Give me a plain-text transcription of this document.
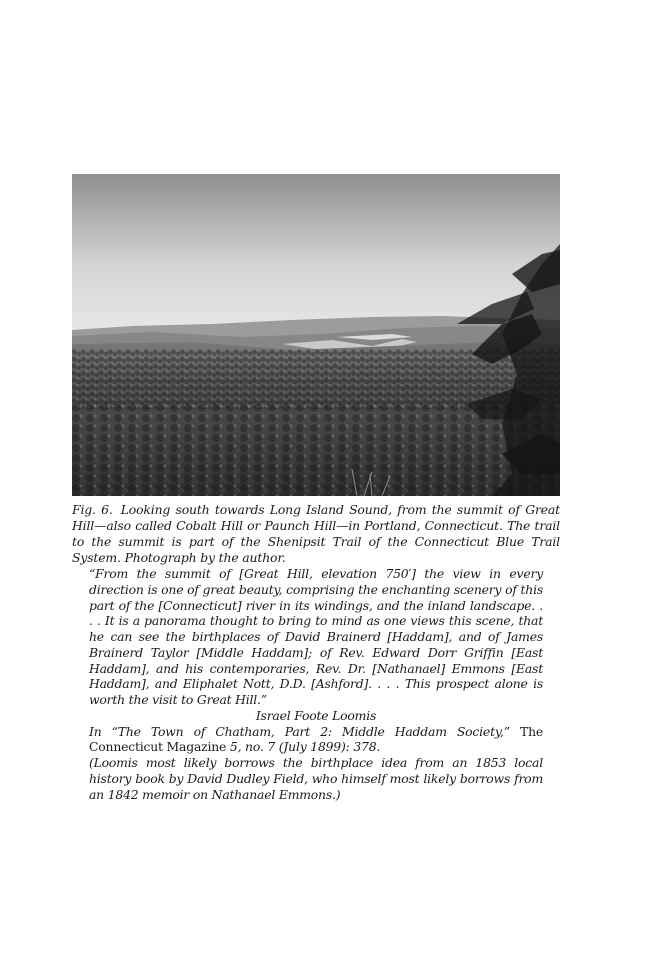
Fig. 6. Looking south towards Long Island Sound, from the summit of Great Hill—also called Cobalt Hill or Paunch Hill—in Portland, Connecticut. The trail to the summit is part of the Shenipsit Trail of the Connecticut Blue Trail System. Photograph by the author.

“From the summit of [Great Hill, elevation 750′] the view in every direction is one of great beauty, comprising the enchanting scenery of this part of the [Connecticut] river in its windings, and the inland landscape. . . . It is a panorama thought to bring to mind as one views this scene, that he can see the birthplaces of David Brainerd [Haddam], and of James Brainerd Taylor [Middle Haddam]; of Rev. Edward Dorr Griffin [East Haddam], and his contemporaries, Rev. Dr. [Nathanael] Emmons [East Haddam], and Eliphalet Nott, D.D. [Ashford]. . . . This prospect alone is worth the visit to Great Hill.”

Israel Foote Loomis

In “The Town of Chatham, Part 2: Middle Haddam Society,” The Connecticut Magazine 5, no. 7 (July 1899): 378.

(Loomis most likely borrows the birthplace idea from an 1853 local history book by David Dudley Field, who himself most likely borrows from an 1842 memoir on Nathanael Emmons.)
